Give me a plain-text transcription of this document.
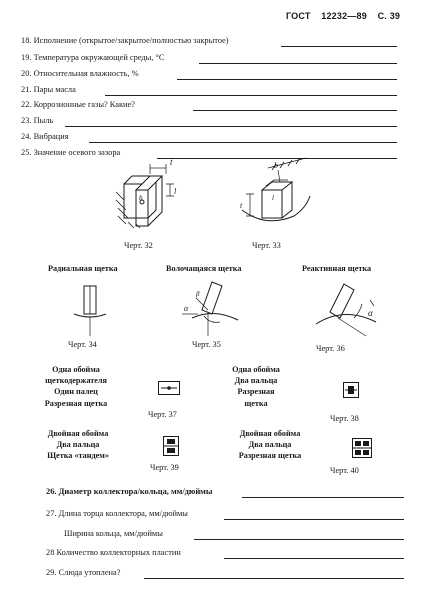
ГОСТ 12232—89 С. 39
18. Исполнение (открытое/закрытое/полностью закрытое)
19. Температура окружающей среды, °C
20. Относительная влажность, %
21. Пары масла
22. Коррозионные газы? Какие?
23. Пыль
24. Вибрация
25. Значение осевого зазора
t
b
l
Черт. 32
b
l
t
Черт. 33
Радиальная щетка	Волочащаяся щетка	Реактивная щетка
Черт. 34
α
β
Черт. 35
α
Черт. 36
Одна обойма
щеткодержателя
Один палец
Разрезная щетка
Черт. 37
Одна обойма
Два пальца
Разрезная
щетка
Черт. 38
Двойная обойма
Два пальца
Щетка «тандем»
Черт. 39
Двойная обойма
Два пальца
Разрезная щетка
Черт. 40
26. Диаметр коллектора/кольца, мм/дюймы
27. Длина торца коллектора, мм/дюймы
Ширина кольца, мм/дюймы
28 Количество коллекторных пластин
29. Слюда утоплена?
